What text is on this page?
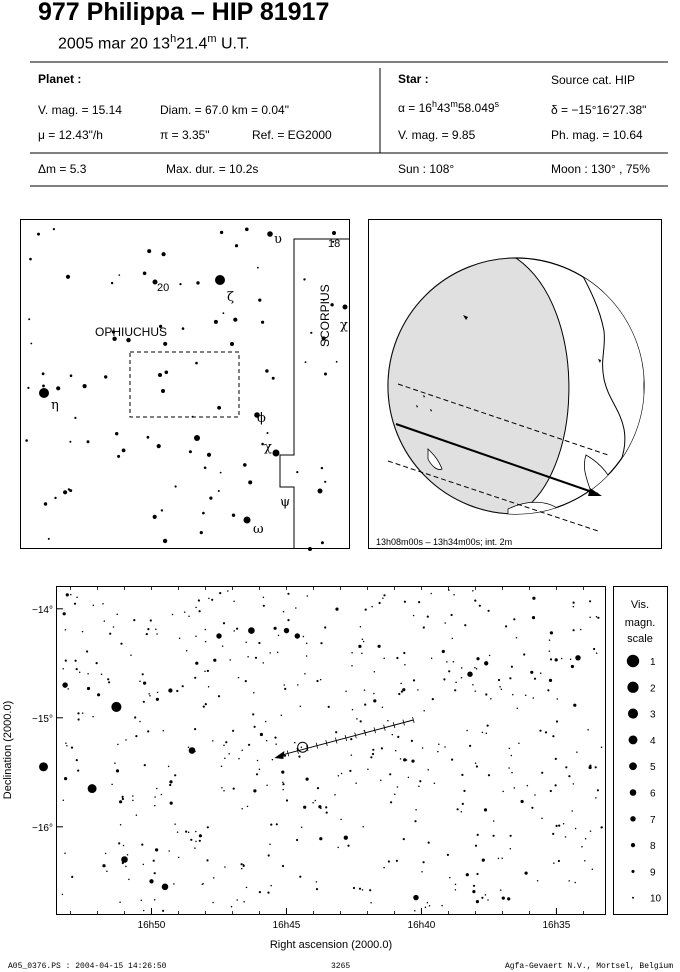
977 Philippa – HIP 81917
2005 mar 20 13$^h$21.4$^m$ U.T.
Planet :
V. mag. = 15.14	Diam. = 67.0 km = 0.04"
μ = 12.43"/h	π = 3.35"	Ref. = EG2000
Δm = 5.3	Max. dur. = 10.2s
Star :	Source cat. HIP
$\alpha = 16^h43^m58.049^s$	δ = −15°16'27.38"
V. mag. = 9.85	Ph. mag. = 10.64
Sun : 108°	Moon : 130° , 75%
OPHIUCHUS	SCORPIUS
20
18
ζ
η
ϕ
χ
ψ
ω
υ
χ
13h08m00s – 13h34m00s; int. 2m
16h50	16h45	16h40	16h35
−14°
−15°
−16°
Right ascension (2000.0)
Declination (2000.0)
Vis.
magn.
scale
1
2
3
4
5
6
7
8
9
10
A05_0376.PS : 2004-04-15 14:26:50	3265	Agfa-Gevaert N.V., Mortsel, Belgium
